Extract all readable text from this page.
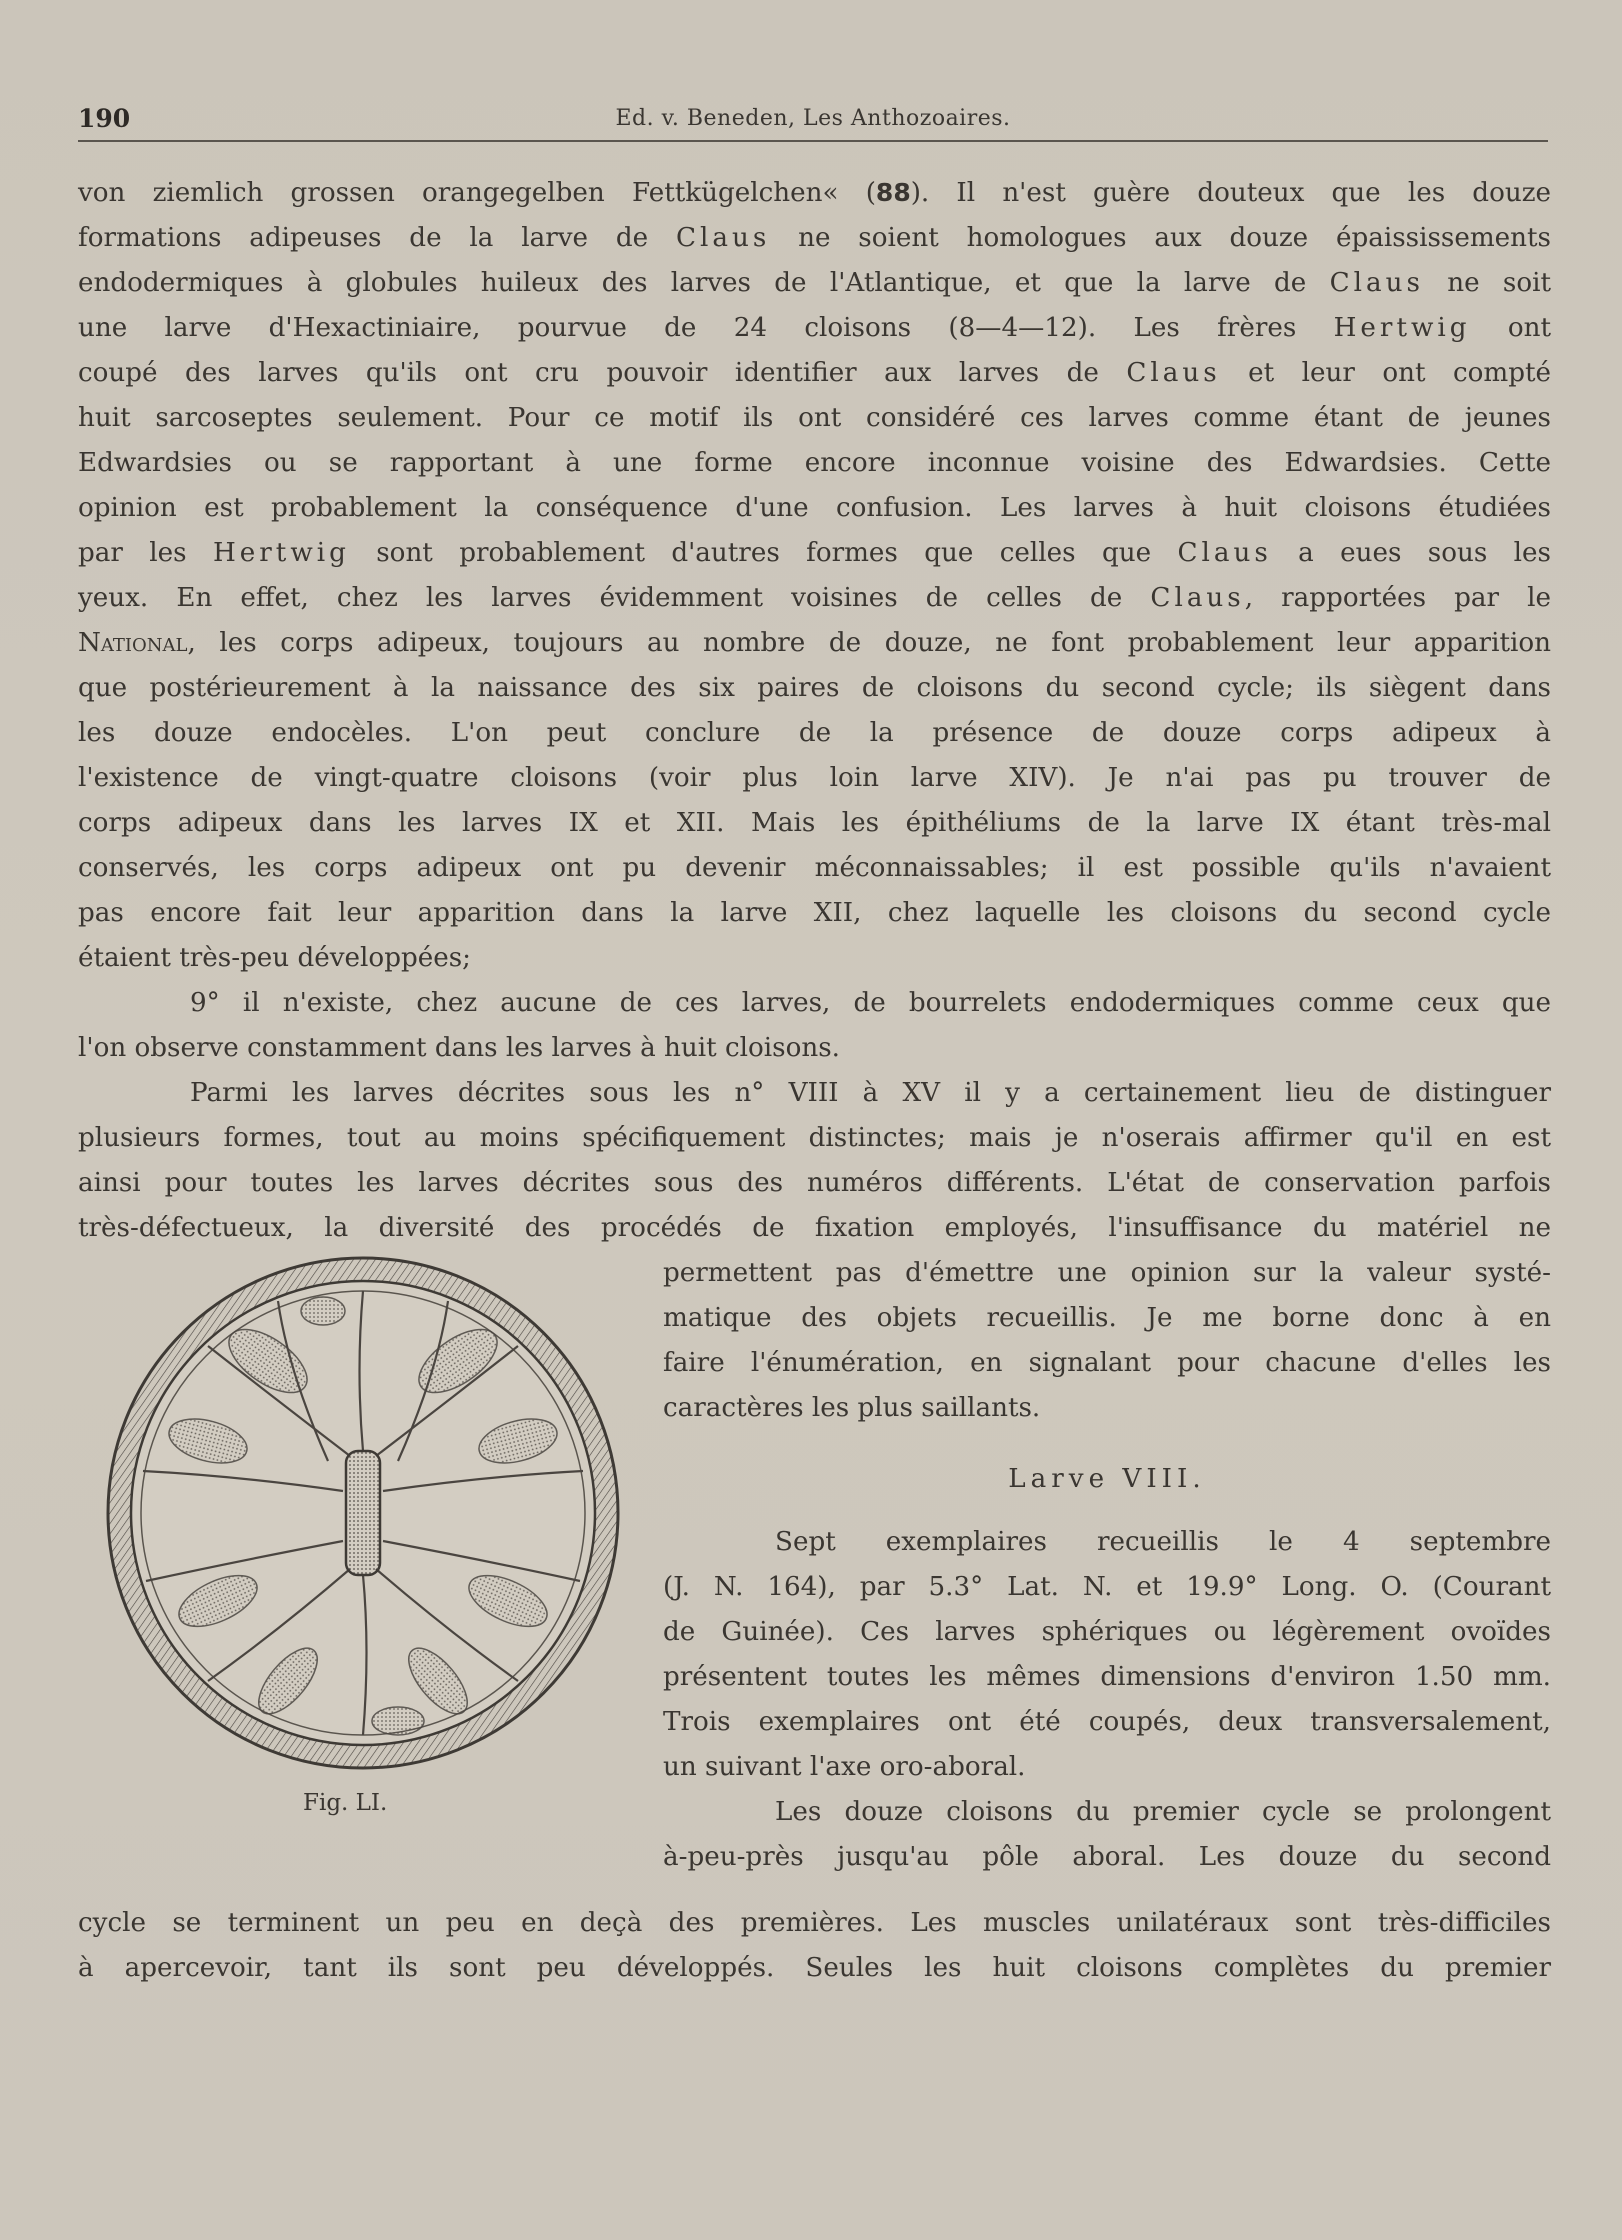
190	Ed. v. Beneden, Les Anthozoaires.
von ziemlich grossen orangegelben Fettkügelchen« (88). Il n'est guère douteux que les douze
formations adipeuses de la larve de Claus ne soient homologues aux douze épaississements
endodermiques à globules huileux des larves de l'Atlantique, et que la larve de Claus ne soit
une larve d'Hexactiniaire, pourvue de 24 cloisons (8—4—12). Les frères Hertwig ont
coupé des larves qu'ils ont cru pouvoir identifier aux larves de Claus et leur ont compté
huit sarcoseptes seulement. Pour ce motif ils ont considéré ces larves comme étant de jeunes
Edwardsies ou se rapportant à une forme encore inconnue voisine des Edwardsies. Cette
opinion est probablement la conséquence d'une confusion. Les larves à huit cloisons étudiées
par les Hertwig sont probablement d'autres formes que celles que Claus a eues sous les
yeux. En effet, chez les larves évidemment voisines de celles de Claus, rapportées par le
National, les corps adipeux, toujours au nombre de douze, ne font probablement leur apparition
que postérieurement à la naissance des six paires de cloisons du second cycle; ils siègent dans
les douze endocèles. L'on peut conclure de la présence de douze corps adipeux à
l'existence de vingt-quatre cloisons (voir plus loin larve XIV). Je n'ai pas pu trouver de
corps adipeux dans les larves IX et XII. Mais les épithéliums de la larve IX étant très-mal
conservés, les corps adipeux ont pu devenir méconnaissables; il est possible qu'ils n'avaient
pas encore fait leur apparition dans la larve XII, chez laquelle les cloisons du second cycle
étaient très-peu développées;
9° il n'existe, chez aucune de ces larves, de bourrelets endodermiques comme ceux que
l'on observe constamment dans les larves à huit cloisons.
Parmi les larves décrites sous les n° VIII à XV il y a certainement lieu de distinguer
plusieurs formes, tout au moins spécifiquement distinctes; mais je n'oserais affirmer qu'il en est
ainsi pour toutes les larves décrites sous des numéros différents. L'état de conservation parfois
très-défectueux, la diversité des procédés de fixation employés, l'insuffisance du matériel ne
Fig. LI.
permettent pas d'émettre une opinion sur la valeur systé-
matique des objets recueillis. Je me borne donc à en
faire l'énumération, en signalant pour chacune d'elles les
caractères les plus saillants.
Larve VIII.
Sept exemplaires recueillis le 4 septembre
(J. N. 164), par 5.3° Lat. N. et 19.9° Long. O. (Courant
de Guinée). Ces larves sphériques ou légèrement ovoïdes
présentent toutes les mêmes dimensions d'environ 1.50 mm.
Trois exemplaires ont été coupés, deux transversalement,
un suivant l'axe oro-aboral.
Les douze cloisons du premier cycle se prolongent
à-peu-près jusqu'au pôle aboral. Les douze du second
cycle se terminent un peu en deçà des premières. Les muscles unilatéraux sont très-difficiles
à apercevoir, tant ils sont peu développés. Seules les huit cloisons complètes du premier
